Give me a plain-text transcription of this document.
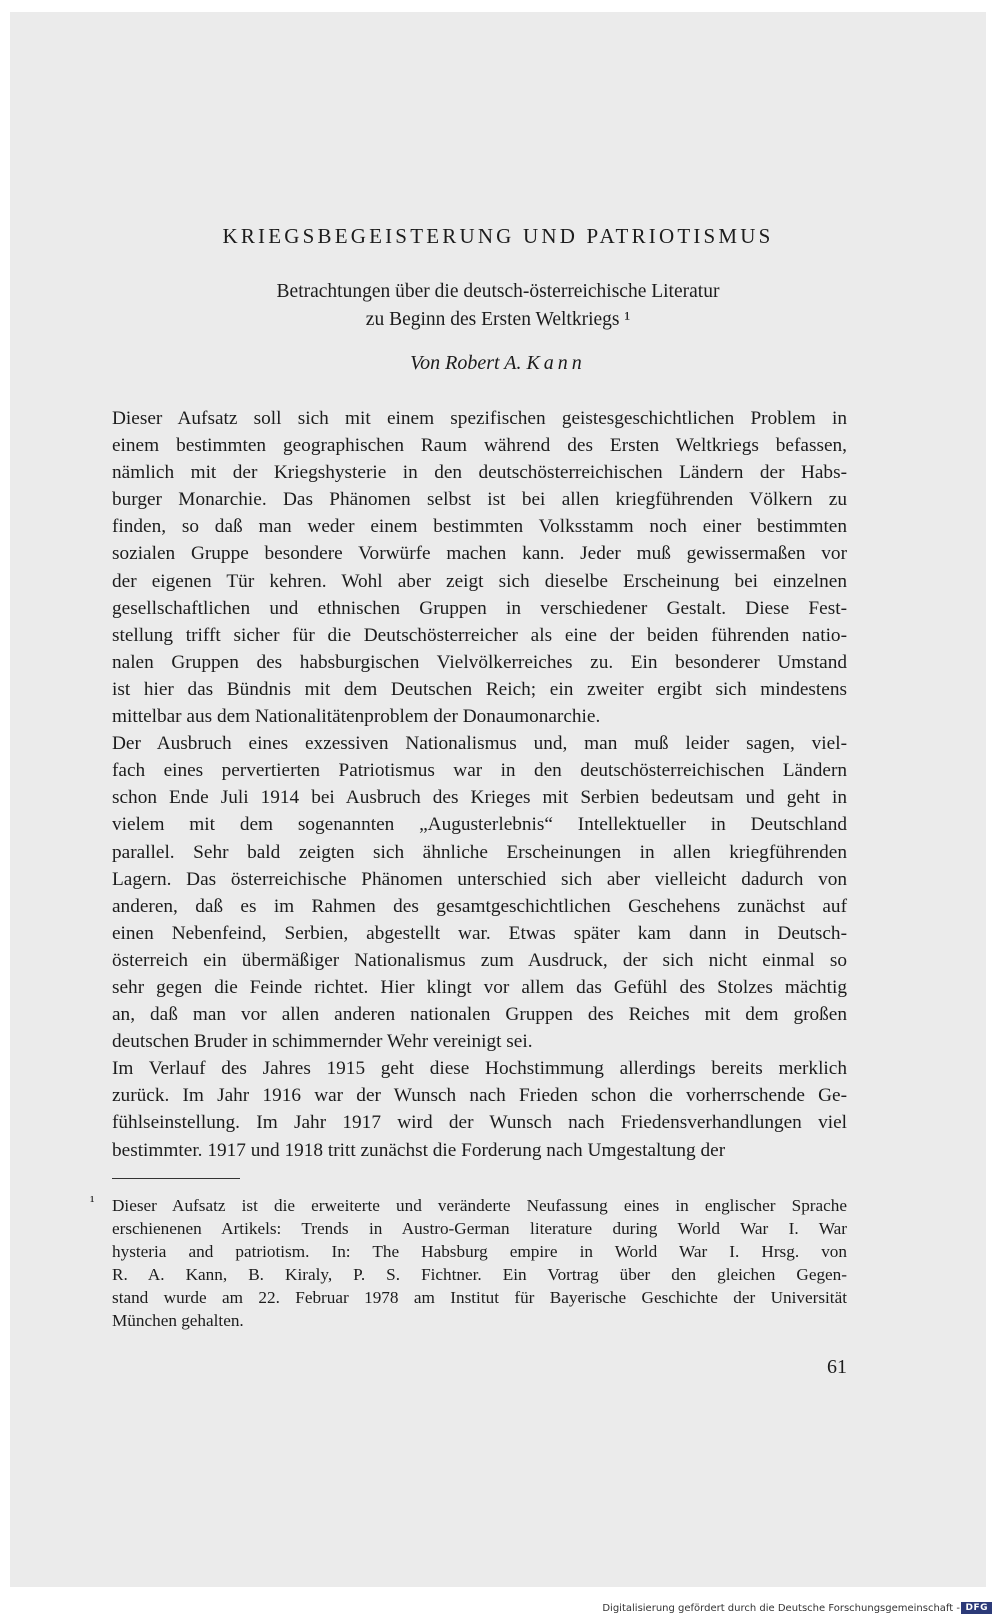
KRIEGSBEGEISTERUNG UND PATRIOTISMUS
Betrachtungen über die deutsch-österreichische Literatur
zu Beginn des Ersten Weltkriegs ¹
Von Robert A. Kann
Dieser Aufsatz soll sich mit einem spezifischen geistesgeschichtlichen Problem in
einem bestimmten geographischen Raum während des Ersten Weltkriegs befassen,
nämlich mit der Kriegshysterie in den deutschösterreichischen Ländern der Habs-
burger Monarchie. Das Phänomen selbst ist bei allen kriegführenden Völkern zu
finden, so daß man weder einem bestimmten Volksstamm noch einer bestimmten
sozialen Gruppe besondere Vorwürfe machen kann. Jeder muß gewissermaßen vor
der eigenen Tür kehren. Wohl aber zeigt sich dieselbe Erscheinung bei einzelnen
gesellschaftlichen und ethnischen Gruppen in verschiedener Gestalt. Diese Fest-
stellung trifft sicher für die Deutschösterreicher als eine der beiden führenden natio-
nalen Gruppen des habsburgischen Vielvölkerreiches zu. Ein besonderer Umstand
ist hier das Bündnis mit dem Deutschen Reich; ein zweiter ergibt sich mindestens
mittelbar aus dem Nationalitätenproblem der Donaumonarchie.
Der Ausbruch eines exzessiven Nationalismus und, man muß leider sagen, viel-
fach eines pervertierten Patriotismus war in den deutschösterreichischen Ländern
schon Ende Juli 1914 bei Ausbruch des Krieges mit Serbien bedeutsam und geht in
vielem mit dem sogenannten „Augusterlebnis“ Intellektueller in Deutschland
parallel. Sehr bald zeigten sich ähnliche Erscheinungen in allen kriegführenden
Lagern. Das österreichische Phänomen unterschied sich aber vielleicht dadurch von
anderen, daß es im Rahmen des gesamtgeschichtlichen Geschehens zunächst auf
einen Nebenfeind, Serbien, abgestellt war. Etwas später kam dann in Deutsch-
österreich ein übermäßiger Nationalismus zum Ausdruck, der sich nicht einmal so
sehr gegen die Feinde richtet. Hier klingt vor allem das Gefühl des Stolzes mächtig
an, daß man vor allen anderen nationalen Gruppen des Reiches mit dem großen
deutschen Bruder in schimmernder Wehr vereinigt sei.
Im Verlauf des Jahres 1915 geht diese Hochstimmung allerdings bereits merklich
zurück. Im Jahr 1916 war der Wunsch nach Frieden schon die vorherrschende Ge-
fühlseinstellung. Im Jahr 1917 wird der Wunsch nach Friedensverhandlungen viel
bestimmter. 1917 und 1918 tritt zunächst die Forderung nach Umgestaltung der
¹ Dieser Aufsatz ist die erweiterte und veränderte Neufassung eines in englischer Sprache
erschienenen Artikels: Trends in Austro-German literature during World War I. War
hysteria and patriotism. In: The Habsburg empire in World War I. Hrsg. von
R. A. Kann, B. Kiraly, P. S. Fichtner. Ein Vortrag über den gleichen Gegen-
stand wurde am 22. Februar 1978 am Institut für Bayerische Geschichte der Universität
München gehalten.
61
Digitalisierung gefördert durch die Deutsche Forschungsgemeinschaft - DFG
